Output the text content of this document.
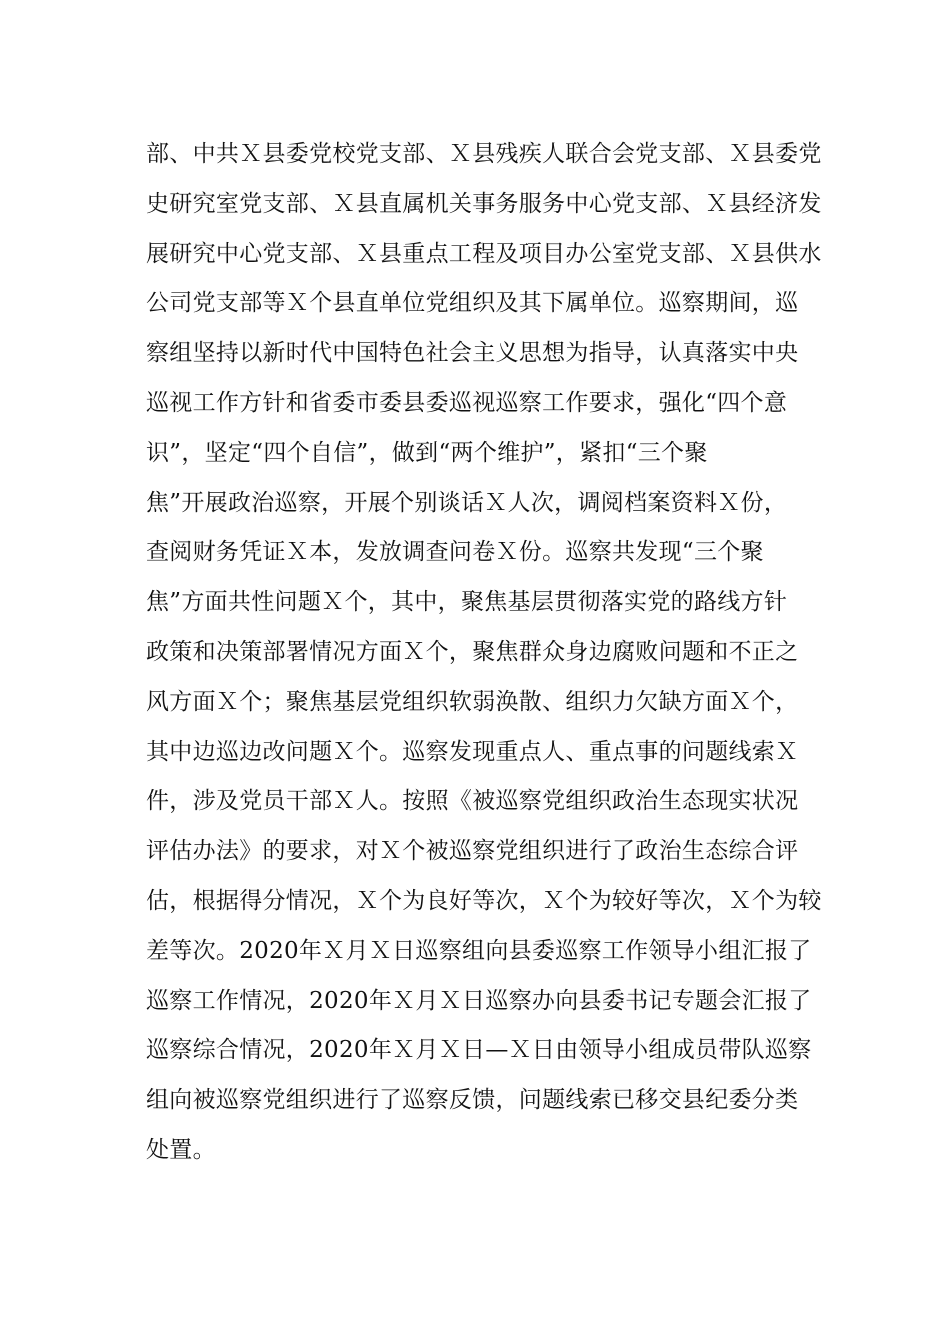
部、中共Ｘ县委党校党支部、Ｘ县残疾人联合会党支部、Ｘ县委党
史研究室党支部、Ｘ县直属机关事务服务中心党支部、Ｘ县经济发
展研究中心党支部、Ｘ县重点工程及项目办公室党支部、Ｘ县供水
公司党支部等Ｘ个县直单位党组织及其下属单位。巡察期间，巡
察组坚持以新时代中国特色社会主义思想为指导，认真落实中央
巡视工作方针和省委市委县委巡视巡察工作要求，强化“四个意
识”，坚定“四个自信”，做到“两个维护”，紧扣“三个聚
焦”开展政治巡察，开展个别谈话Ｘ人次，调阅档案资料Ｘ份，
查阅财务凭证Ｘ本，发放调查问卷Ｘ份。巡察共发现“三个聚
焦”方面共性问题Ｘ个，其中，聚焦基层贯彻落实党的路线方针
政策和决策部署情况方面Ｘ个，聚焦群众身边腐败问题和不正之
风方面Ｘ个；聚焦基层党组织软弱涣散、组织力欠缺方面Ｘ个，
其中边巡边改问题Ｘ个。巡察发现重点人、重点事的问题线索Ｘ
件，涉及党员干部Ｘ人。按照《被巡察党组织政治生态现实状况
评估办法》的要求，对Ｘ个被巡察党组织进行了政治生态综合评
估，根据得分情况，Ｘ个为良好等次，Ｘ个为较好等次，Ｘ个为较
差等次。2020年Ｘ月Ｘ日巡察组向县委巡察工作领导小组汇报了
巡察工作情况，2020年Ｘ月Ｘ日巡察办向县委书记专题会汇报了
巡察综合情况，2020年Ｘ月Ｘ日—Ｘ日由领导小组成员带队巡察
组向被巡察党组织进行了巡察反馈，问题线索已移交县纪委分类
处置。
